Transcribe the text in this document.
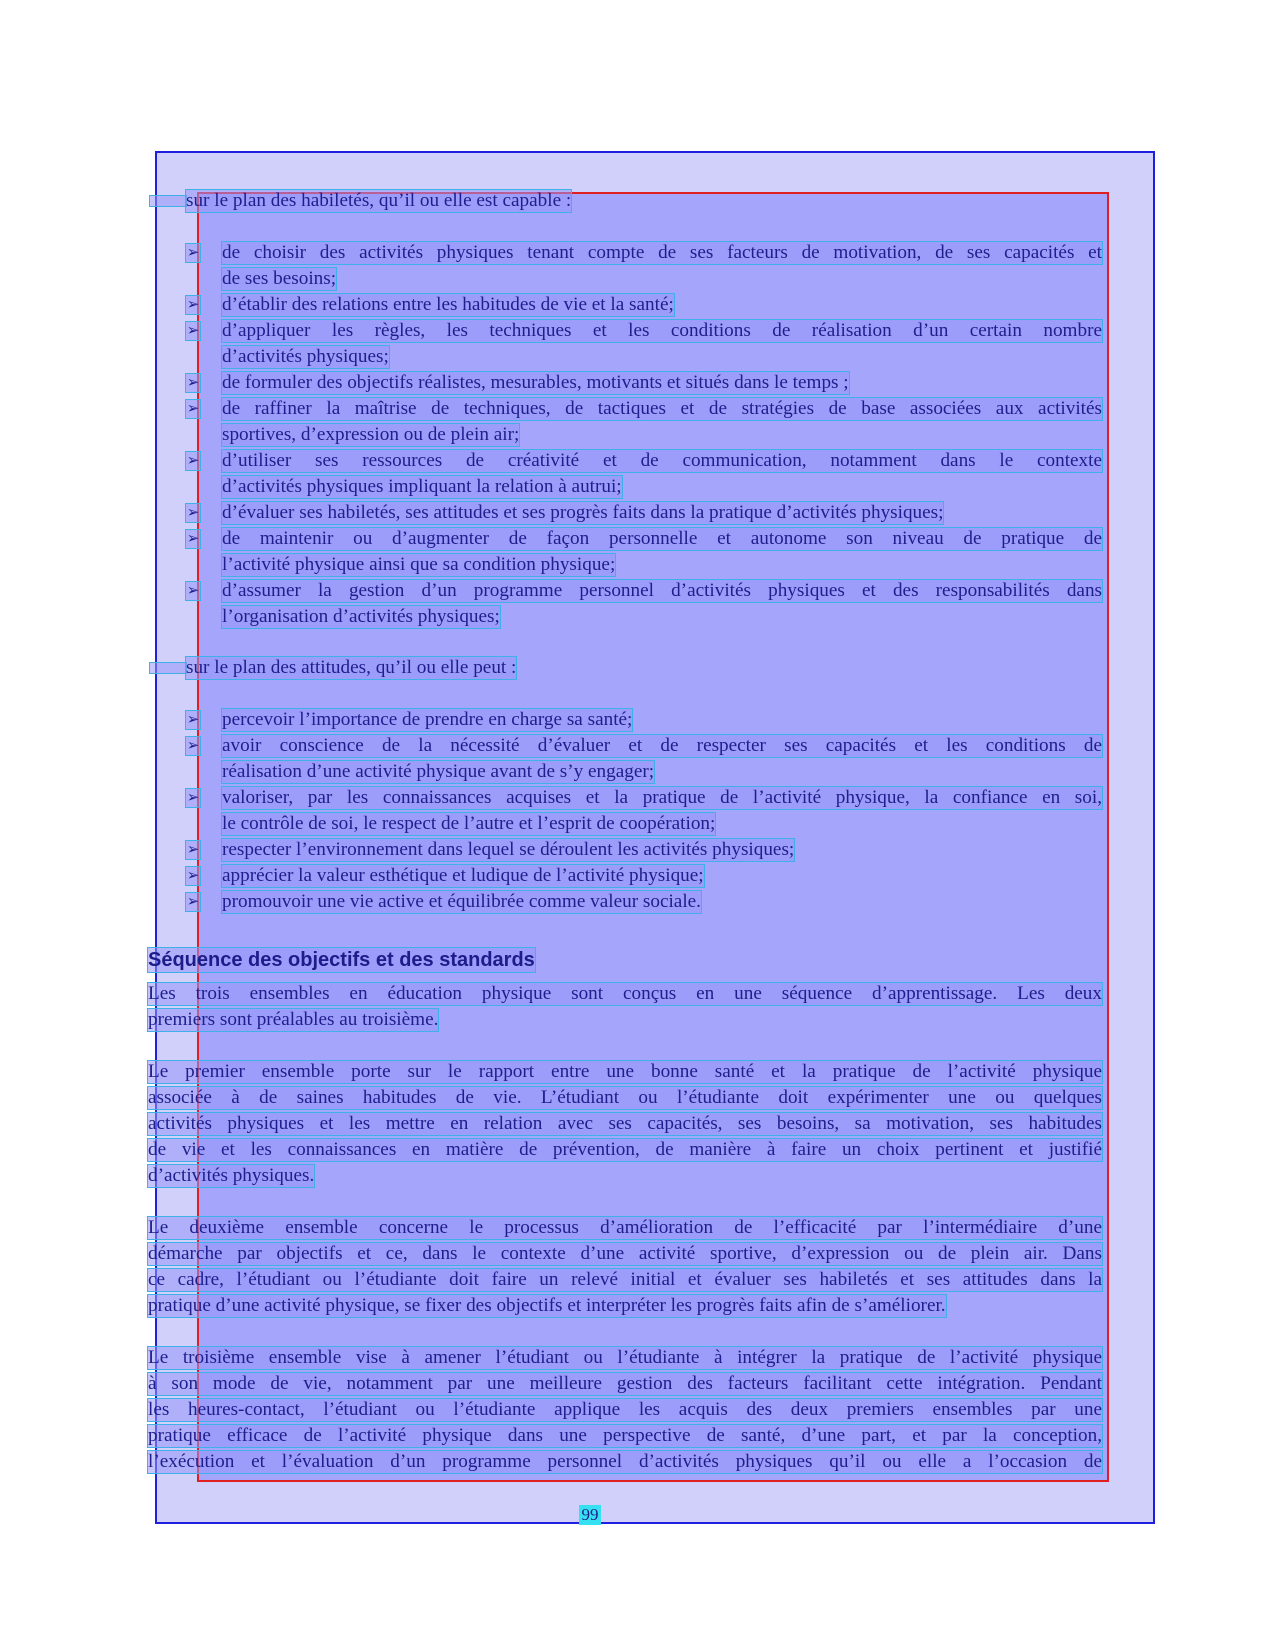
sur le plan des habiletés, qu’il ou elle est capable :
➢ de choisir des activités physiques tenant compte de ses facteurs de motivation, de ses capacités et
de ses besoins;
➢ d’établir des relations entre les habitudes de vie et la santé;
➢ d’appliquer les règles, les techniques et les conditions de réalisation d’un certain nombre
d’activités physiques;
➢ de formuler des objectifs réalistes, mesurables, motivants et situés dans le temps ;
➢ de raffiner la maîtrise de techniques, de tactiques et de stratégies de base associées aux activités
sportives, d’expression ou de plein air;
➢ d’utiliser ses ressources de créativité et de communication, notamment dans le contexte
d’activités physiques impliquant la relation à autrui;
➢ d’évaluer ses habiletés, ses attitudes et ses progrès faits dans la pratique d’activités physiques;
➢ de maintenir ou d’augmenter de façon personnelle et autonome son niveau de pratique de
l’activité physique ainsi que sa condition physique;
➢ d’assumer la gestion d’un programme personnel d’activités physiques et des responsabilités dans
l’organisation d’activités physiques;
sur le plan des attitudes, qu’il ou elle peut :
➢ percevoir l’importance de prendre en charge sa santé;
➢ avoir conscience de la nécessité d’évaluer et de respecter ses capacités et les conditions de
réalisation d’une activité physique avant de s’y engager;
➢ valoriser, par les connaissances acquises et la pratique de l’activité physique, la confiance en soi,
le contrôle de soi, le respect de l’autre et l’esprit de coopération;
➢ respecter l’environnement dans lequel se déroulent les activités physiques;
➢ apprécier la valeur esthétique et ludique de l’activité physique;
➢ promouvoir une vie active et équilibrée comme valeur sociale.
Séquence des objectifs et des standards
Les trois ensembles en éducation physique sont conçus en une séquence d’apprentissage. Les deux
premiers sont préalables au troisième.
Le premier ensemble porte sur le rapport entre une bonne santé et la pratique de l’activité physique
associée à de saines habitudes de vie. L’étudiant ou l’étudiante doit expérimenter une ou quelques
activités physiques et les mettre en relation avec ses capacités, ses besoins, sa motivation, ses habitudes
de vie et les connaissances en matière de prévention, de manière à faire un choix pertinent et justifié
d’activités physiques.
Le deuxième ensemble concerne le processus d’amélioration de l’efficacité par l’intermédiaire d’une
démarche par objectifs et ce, dans le contexte d’une activité sportive, d’expression ou de plein air. Dans
ce cadre, l’étudiant ou l’étudiante doit faire un relevé initial et évaluer ses habiletés et ses attitudes dans la
pratique d’une activité physique, se fixer des objectifs et interpréter les progrès faits afin de s’améliorer.
Le troisième ensemble vise à amener l’étudiant ou l’étudiante à intégrer la pratique de l’activité physique
à son mode de vie, notamment par une meilleure gestion des facteurs facilitant cette intégration. Pendant
les heures-contact, l’étudiant ou l’étudiante applique les acquis des deux premiers ensembles par une
pratique efficace de l’activité physique dans une perspective de santé, d’une part, et par la conception,
l’exécution et l’évaluation d’un programme personnel d’activités physiques qu’il ou elle a l’occasion de
99
